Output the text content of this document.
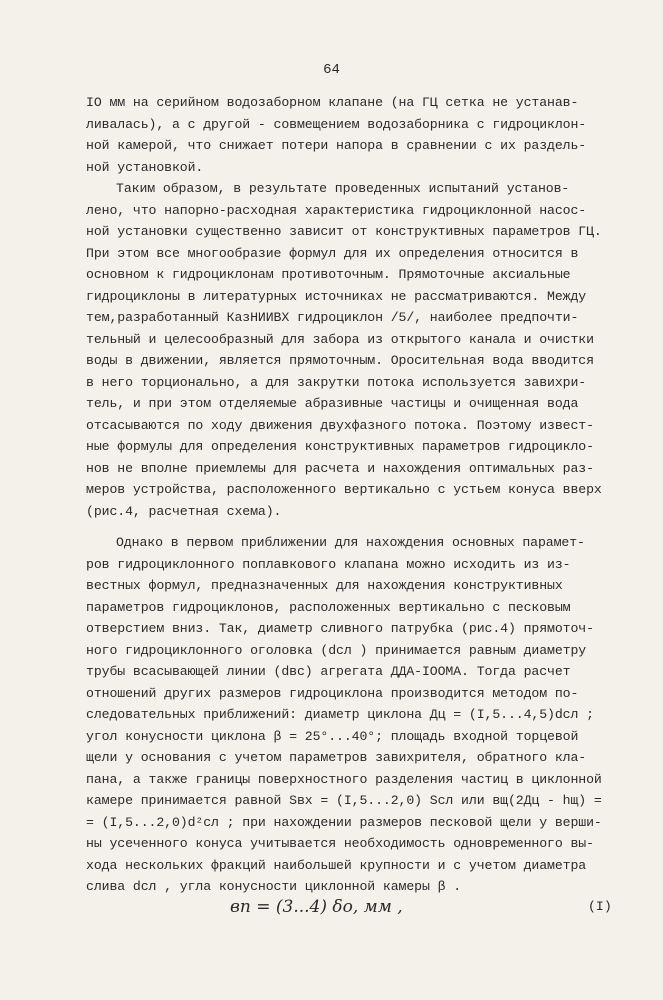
64
IO мм на серийном водозаборном клапане (на ГЦ сетка не устанав-
ливалась), а с другой - совмещением водозаборника с гидроциклон-
ной камерой, что снижает потери напора в сравнении с их раздель-
ной установкой.
Таким образом, в результате проведенных испытаний установ-
лено, что напорно-расходная характеристика гидроциклонной насос-
ной установки существенно зависит от конструктивных параметров ГЦ.
При этом все многообразие формул для их определения относится в
основном к гидроциклонам противоточным. Прямоточные аксиальные
гидроциклоны в литературных источниках не рассматриваются. Между
тем,разработанный КазНИИВХ гидроциклон /5/, наиболее предпочти-
тельный и целесообразный для забора из открытого канала и очистки
воды в движении, является прямоточным. Оросительная вода вводится
в него торционально, а для закрутки потока используется завихри-
тель, и при этом отделяемые абразивные частицы и очищенная вода
отсасываются по ходу движения двухфазного потока. Поэтому извест-
ные формулы для определения конструктивных параметров гидроцикло-
нов не вполне приемлемы для расчета и нахождения оптимальных раз-
меров устройства, расположенного вертикально с устьем конуса вверх
(рис.4, расчетная схема).
Однако в первом приближении для нахождения основных парамет-
ров гидроциклонного поплавкового клапана можно исходить из из-
вестных формул, предназначенных для нахождения конструктивных
параметров гидроциклонов, расположенных вертикально с песковым
отверстием вниз. Так, диаметр сливного патрубка (рис.4) прямоточ-
ного гидроциклонного оголовка (dсл ) принимается равным диаметру
трубы всасывающей линии (dвс) агрегата ДДА-IOOMA. Тогда расчет
отношений других размеров гидроциклона производится методом по-
следовательных приближений: диаметр циклона Дц = (I,5...4,5)dсл ;
угол конусности циклона β = 25°...40°; площадь входной торцевой
щели у основания с учетом параметров завихрителя, обратного кла-
пана, а также границы поверхностного разделения частиц в циклонной
камере принимается равной Sвх = (I,5...2,0) Sсл или вщ(2Дц - hщ) =
= (I,5...2,0)d²сл ; при нахождении размеров песковой щели у верши-
ны усеченного конуса учитывается необходимость одновременного вы-
хода нескольких фракций наибольшей крупности и с учетом диаметра
слива dсл , угла конусности циклонной камеры β .
вп = (3...4) δо, мм ,	(I)
